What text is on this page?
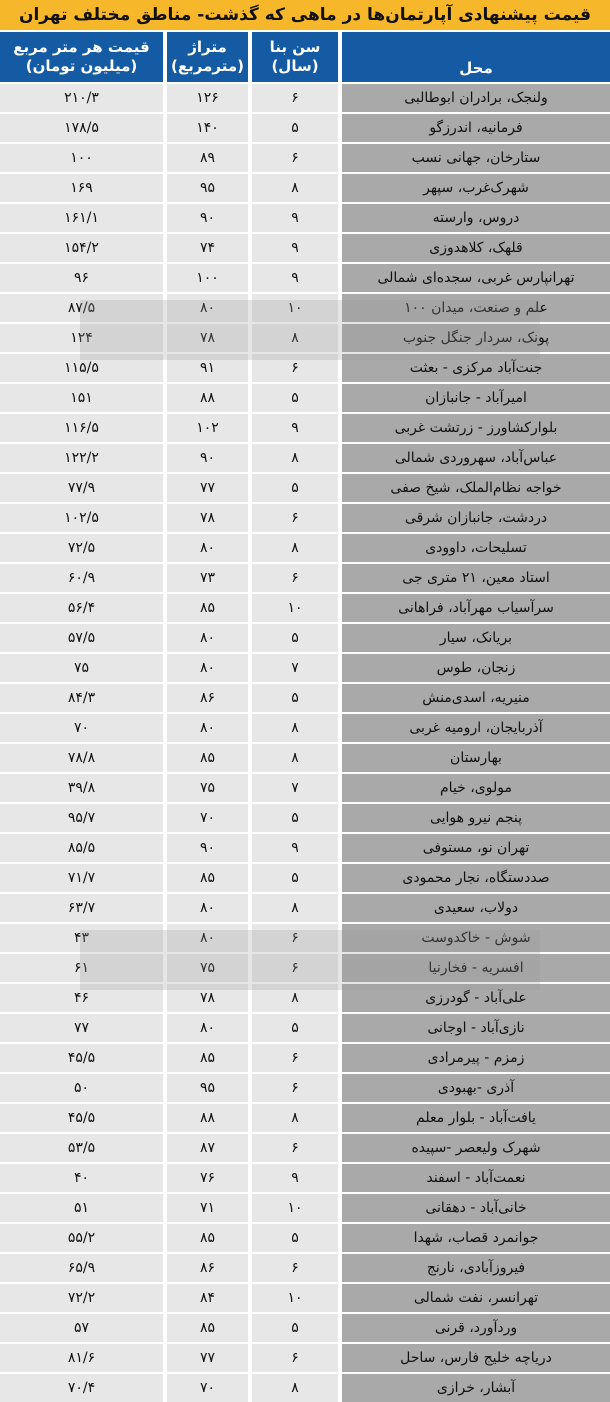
قیمت پیشنهادی آپارتمان‌ها در ماهی که گذشت- مناطق مختلف تهران
محل
سن بنا
(سال)
متراژ
(مترمربع)
قیمت هر متر مربع
(میلیون تومان)
ولنجک، برادران ابوطالبی
۶
۱۲۶
۲۱۰/۳
فرمانیه، اندرزگو
۵
۱۴۰
۱۷۸/۵
ستارخان، جهانی نسب
۶
۸۹
۱۰۰
شهرک‌غرب، سپهر
۸
۹۵
۱۶۹
دروس، وارسته
۹
۹۰
۱۶۱/۱
قلهک، کلاهدوزی
۹
۷۴
۱۵۴/۲
تهرانپارس غربی، سجده‌ای شمالی
۹
۱۰۰
۹۶
علم و صنعت، میدان ۱۰۰
۱۰
۸۰
۸۷/۵
پونک، سردار جنگل جنوب
۸
۷۸
۱۲۴
جنت‌آباد مرکزی - بعثت
۶
۹۱
۱۱۵/۵
امیرآباد - جانبازان
۵
۸۸
۱۵۱
بلوارکشاورز - زرتشت غربی
۹
۱۰۲
۱۱۶/۵
عباس‌آباد، سهروردی شمالی
۸
۹۰
۱۲۲/۲
خواجه نظام‌الملک، شیخ صفی
۵
۷۷
۷۷/۹
دردشت، جانبازان شرقی
۶
۷۸
۱۰۲/۵
تسلیحات، داوودی
۸
۸۰
۷۲/۵
استاد معین، ۲۱ متری جی
۶
۷۳
۶۰/۹
سرآسیاب مهرآباد، فراهانی
۱۰
۸۵
۵۶/۴
بریانک، سیار
۵
۸۰
۵۷/۵
زنجان، طوس
۷
۸۰
۷۵
منیریه، اسدی‌منش
۵
۸۶
۸۴/۳
آذربایجان، ارومیه غربی
۸
۸۰
۷۰
بهارستان
۸
۸۵
۷۸/۸
مولوی، خیام
۷
۷۵
۳۹/۸
پنجم نیرو هوایی
۵
۷۰
۹۵/۷
تهران نو، مستوفی
۹
۹۰
۸۵/۵
صددستگاه، نجار محمودی
۵
۸۵
۷۱/۷
دولاب، سعیدی
۸
۸۰
۶۳/۷
شوش - خاکدوست
۶
۸۰
۴۳
افسریه - فخارنیا
۶
۷۵
۶۱
علی‌آباد - گودرزی
۸
۷۸
۴۶
نازی‌آباد - اوجانی
۵
۸۰
۷۷
زمزم - پیرمرادی
۶
۸۵
۴۵/۵
آذری -بهبودی
۶
۹۵
۵۰
یافت‌آباد - بلوار معلم
۸
۸۸
۴۵/۵
شهرک ولیعصر -سپیده
۶
۸۷
۵۳/۵
نعمت‌آباد - اسفند
۹
۷۶
۴۰
خانی‌آباد - دهقانی
۱۰
۷۱
۵۱
جوانمرد قصاب، شهدا
۵
۸۵
۵۵/۲
فیروزآبادی، نارنج
۶
۸۶
۶۵/۹
تهرانسر، نفت شمالی
۱۰
۸۴
۷۲/۲
وردآورد، قرنی
۵
۸۵
۵۷
دریاچه خلیج فارس، ساحل
۶
۷۷
۸۱/۶
آبشار، خرازی
۸
۷۰
۷۰/۴
